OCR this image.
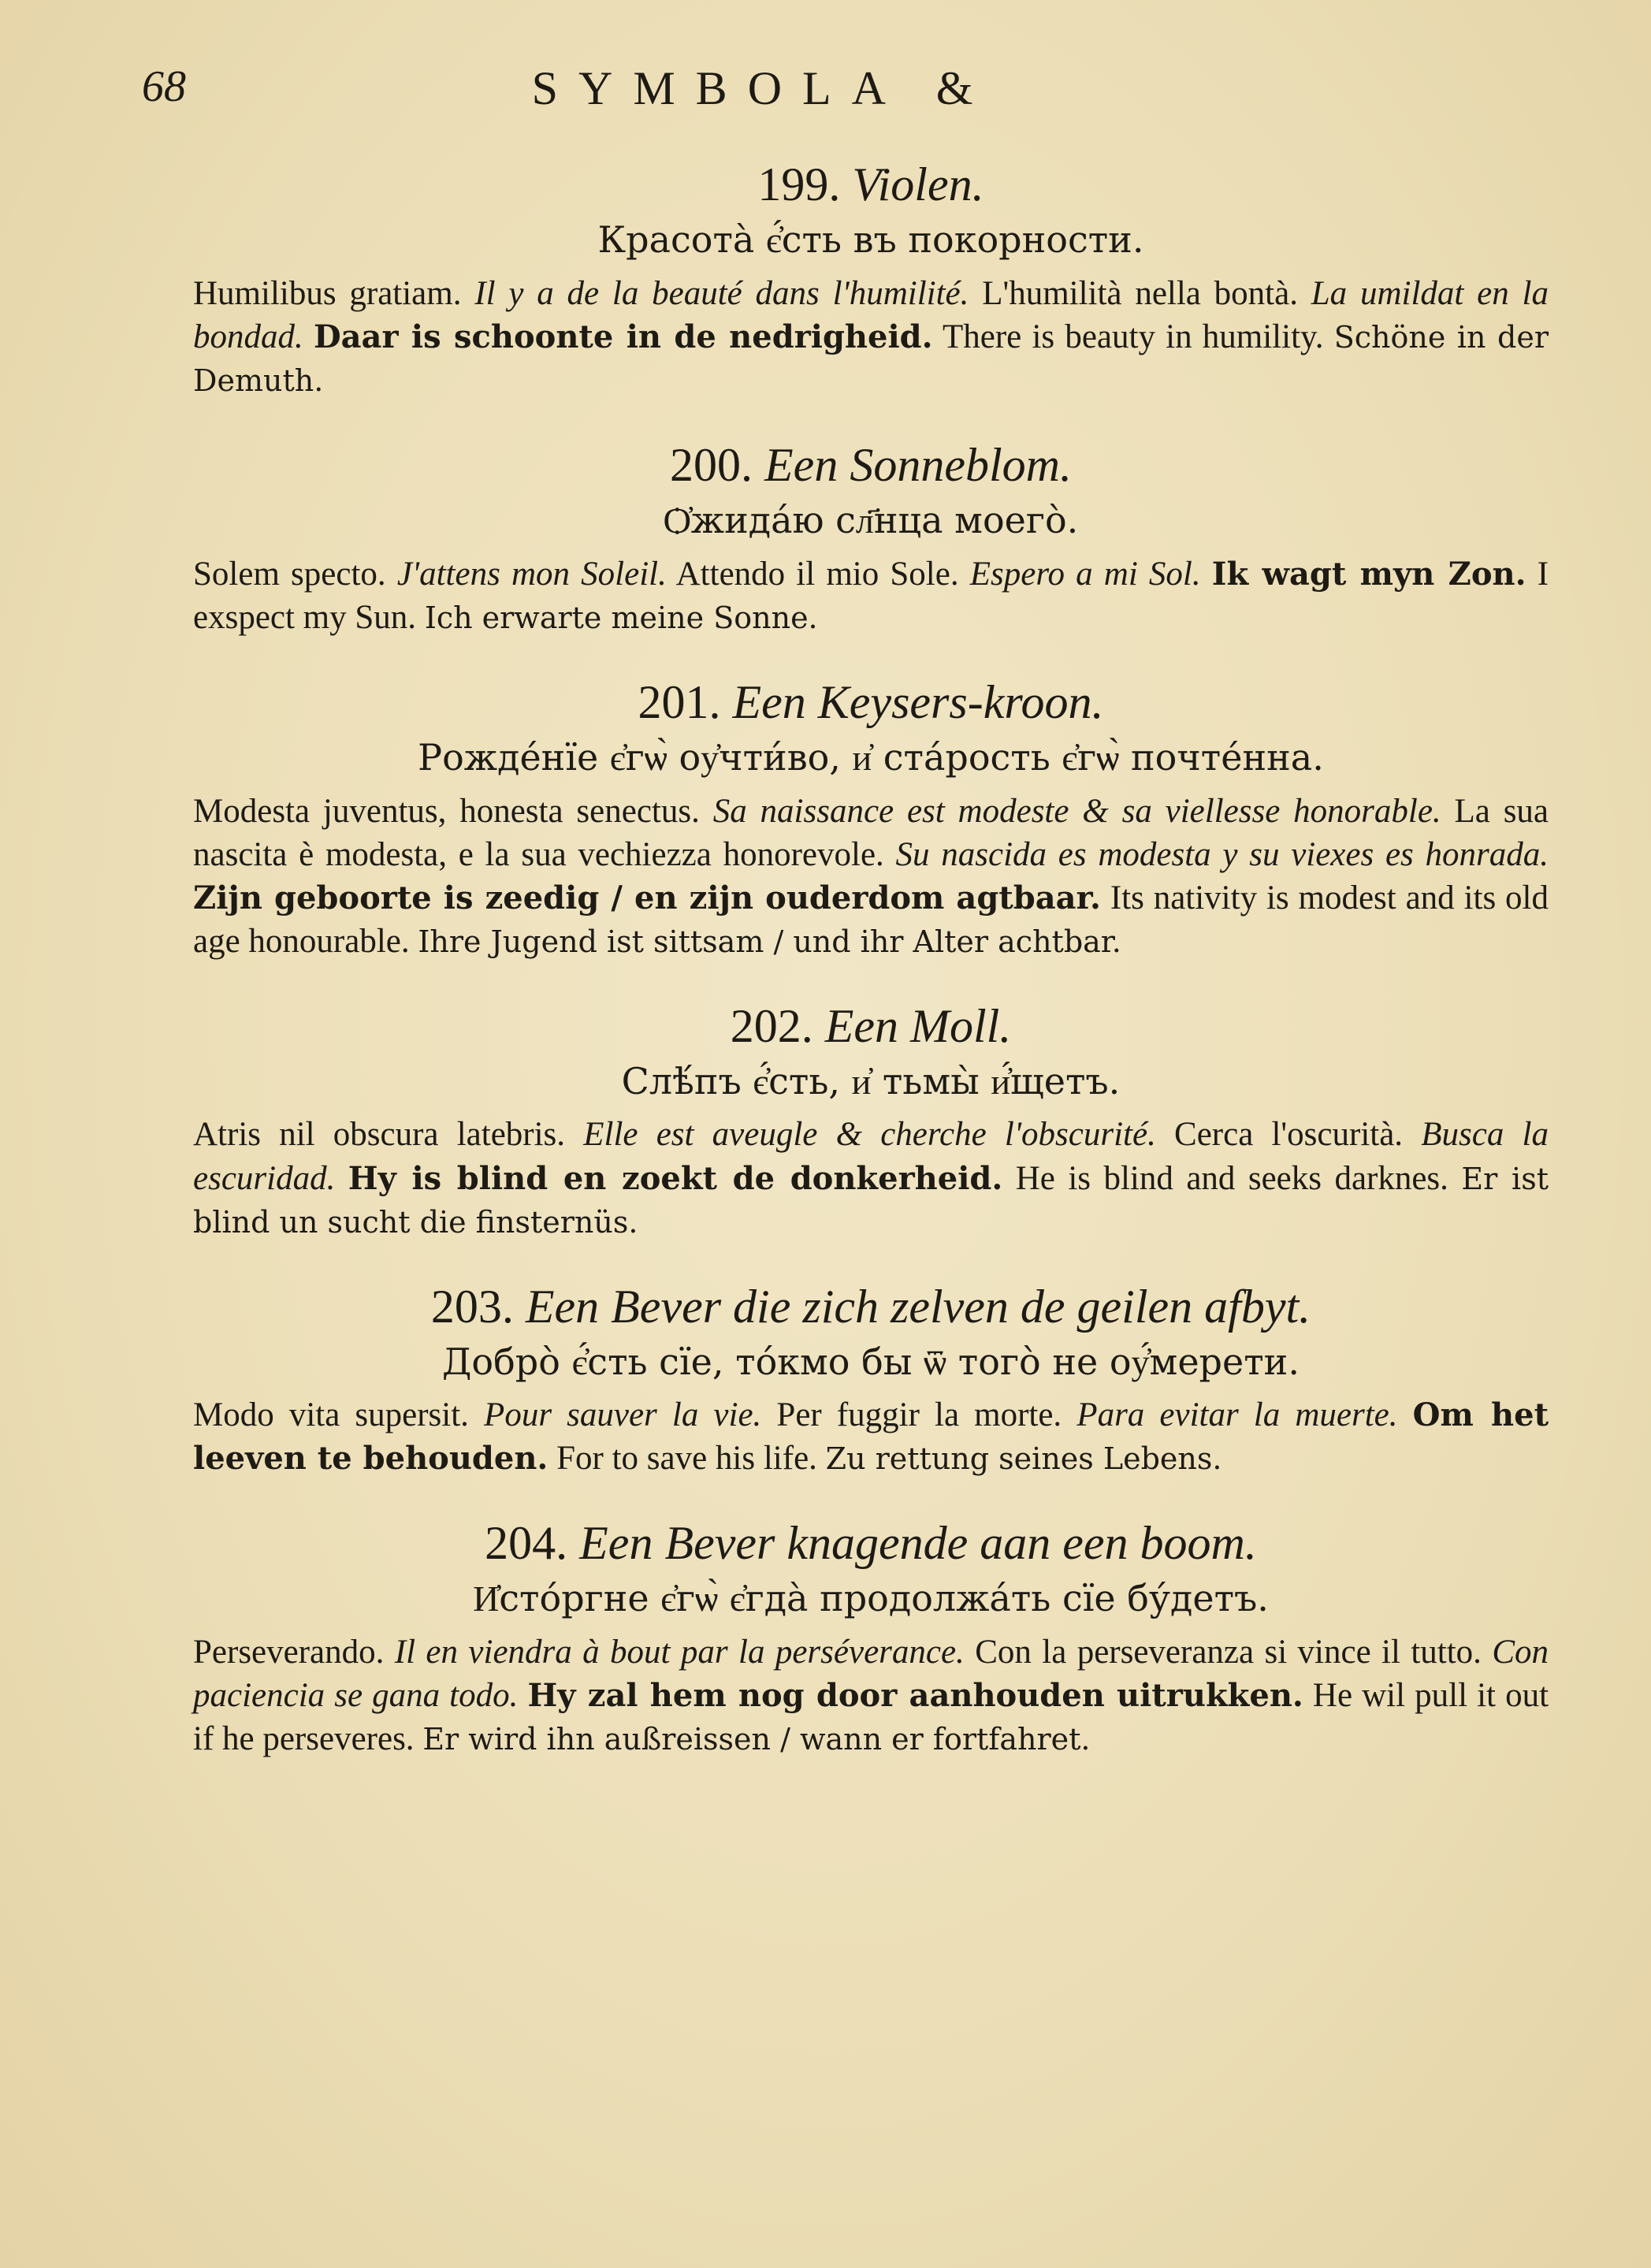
68	SYMBOLA &
199. Violen.
Красота̀ є҆́сть въ покорности.

Humilibus gratiam. Il y a de la beauté dans l'humilité. L'humilità nella bontà. La umildat en la bondad. Daar is schoonte in de nedrigheid. There is beauty in humility. Schöne in der Demuth.

200. Een Sonneblom.
Ѻ҆жида́ю сл҃нца моего̀.

Solem specto. J'attens mon Soleil. Attendo il mio Sole. Espero a mi Sol. Ik wagt myn Zon. I exspect my Sun. Ich erwarte meine Sonne.

201. Een Keysers-kroon.
Рожде́нїе є҆гѡ̀ оу҆чти́во, и҆ ста́рость є҆гѡ̀ почте́нна.

Modesta juventus, honesta senectus. Sa naissance est modeste & sa viellesse honorable. La sua nascita è modesta, e la sua vechiezza honorevole. Su nascida es modesta y su viexes es honrada. Zijn geboorte is zeedig / en zijn ouderdom agtbaar. Its nativity is modest and its old age honourable. Ihre Jugend ist sittsam / und ihr Alter achtbar.

202. Een Moll.
Слѣ́пъ є҆́сть, и҆ тьмы̀ и҆́щетъ.

Atris nil obscura latebris. Elle est aveugle & cherche l'obscurité. Cerca l'oscurità. Busca la escuridad. Hy is blind en zoekt de donkerheid. He is blind and seeks darknes. Er ist blind un sucht die finsternüs.

203. Een Bever die zich zelven de geilen afbyt.
Добро̀ є҆́сть сїе, то́кмо бы ѿ того̀ не оу҆́мерети.

Modo vita supersit. Pour sauver la vie. Per fuggir la morte. Para evitar la muerte. Om het leeven te behouden. For to save his life. Zu rettung seines Lebens.

204. Een Bever knagende aan een boom.
И҆сто́ргне є҆гѡ̀ є҆гда̀ продолжа́ть сїе бу́детъ.

Perseverando. Il en viendra à bout par la perséverance. Con la perseveranza si vince il tutto. Con paciencia se gana todo. Hy zal hem nog door aanhouden uitrukken. He wil pull it out if he perseveres. Er wird ihn außreissen / wann er fortfahret.
